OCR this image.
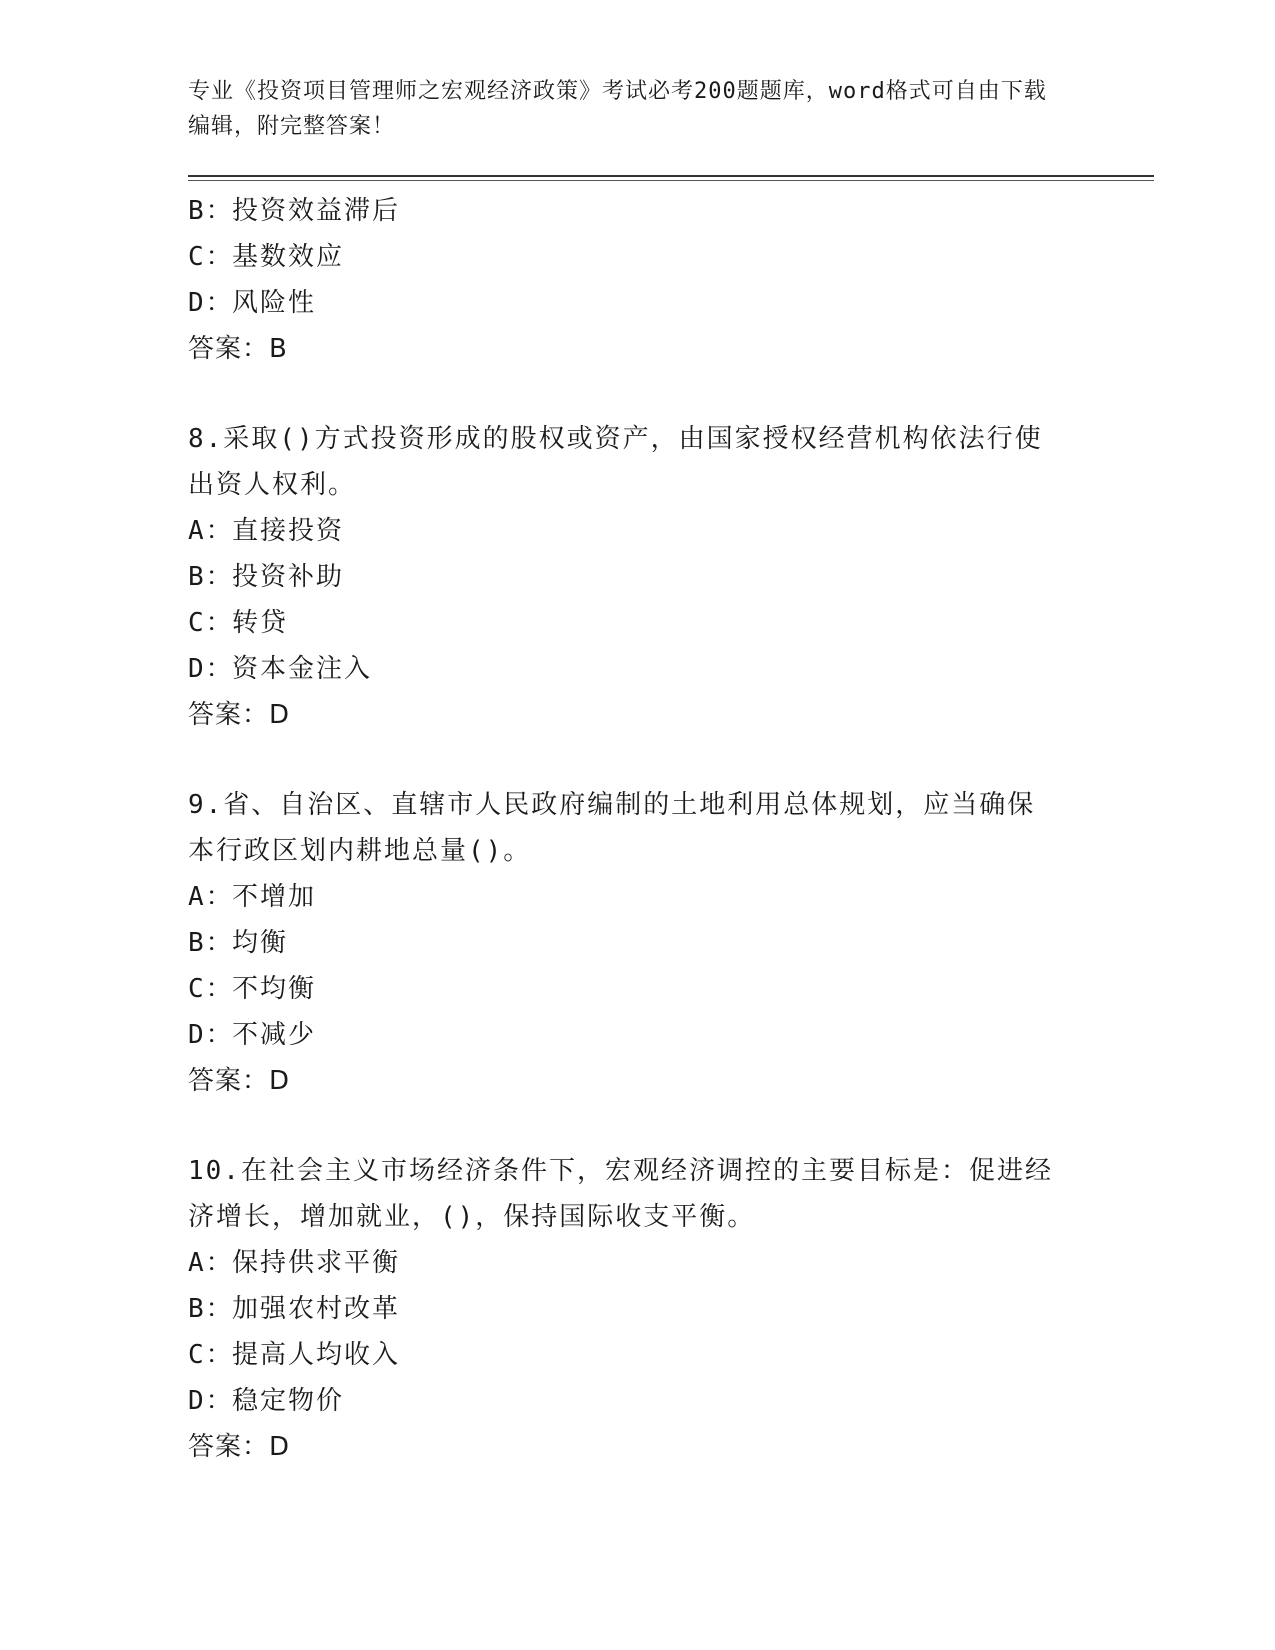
专业《投资项目管理师之宏观经济政策》考试必考200题题库，word格式可自由下载编辑，附完整答案！
B：
投资效益滞后
C：
基数效应
D：
风险性
答案：B
8.采取()方式投资形成的股权或资产，由国家授权经营机构依法行使
出资人权利。
A：
直接投资
B：
投资补助
C：
转贷
D：
资本金注入
答案：D
9.省、自治区、直辖市人民政府编制的土地利用总体规划，应当确保
本行政区划内耕地总量()。
A：
不增加
B：
均衡
C：
不均衡
D：
不减少
答案：D
10.在社会主义市场经济条件下，宏观经济调控的主要目标是：促进经
济增长，增加就业，()，保持国际收支平衡。
A：
保持供求平衡
B：
加强农村改革
C：
提高人均收入
D：
稳定物价
答案：D
